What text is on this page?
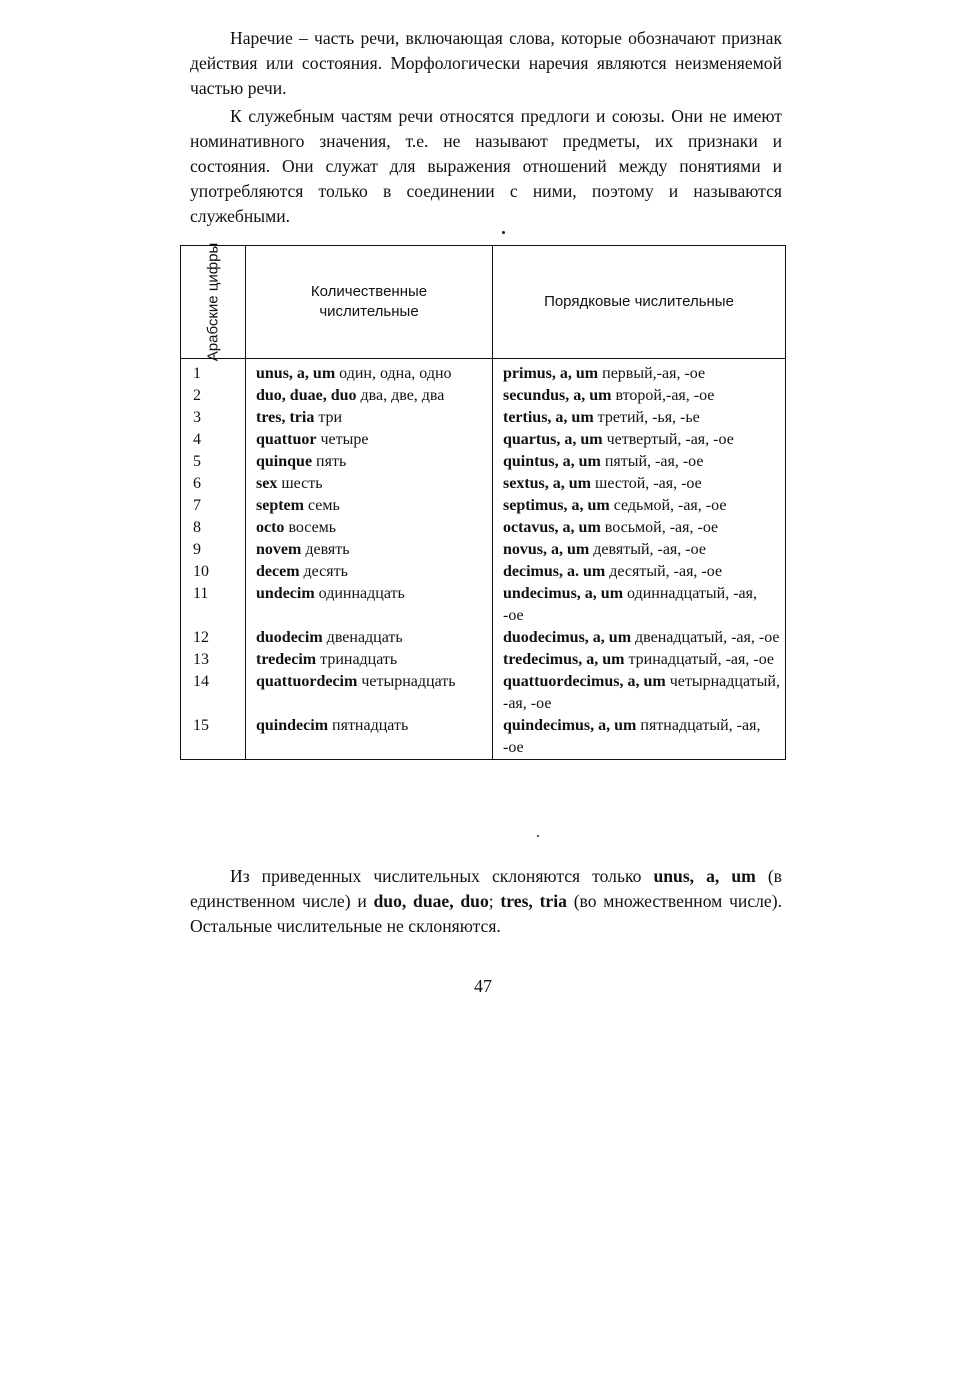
Наречие – часть речи, включающая слова, которые обозначают признак действия или состояния. Морфологически наречия являются неизменяемой частью речи.

К служебным частям речи относятся предлоги и союзы. Они не имеют номинативного значения, т.е. не называют предметы, их признаки и состояния. Они служат для выражения отношений между понятиями и употребляются только в соединении с ними, поэтому и называются служебными.

Арабские цифры	Количественные числительные	Порядковые числительные

1	unus, a, um один, одна, одно	primus, a, um первый,-ая, -ое
2	duo, duae, duo два, две, два	secundus, a, um второй,-ая, -ое
3	tres, tria три	tertius, a, um третий, -ья, -ье
4	quattuor четыре	quartus, a, um четвертый, -ая, -ое
5	quinque пять	quintus, a, um пятый, -ая, -ое
6	sex шесть	sextus, a, um шестой, -ая, -ое
7	septem семь	septimus, a, um седьмой, -ая, -ое
8	octo восемь	octavus, a, um восьмой, -ая, -ое
9	novem девять	novus, a, um девятый, -ая, -ое
10	decem десять	decimus, a. um десятый, -ая, -ое
11	undecim одиннадцать	undecimus, a, um одиннадцатый, -ая, -ое
12	duodecim двенадцать	duodecimus, a, um двенадцатый, -ая, -ое
13	tredecim тринадцать	tredecimus, a, um тринадцатый, -ая, -ое
14	quattuordecim четырнадцать	quattuordecimus, a, um четырнадцатый, -ая, -ое
15	quindecim пятнадцать	quindecimus, a, um пятнадцатый, -ая, -ое

Из приведенных числительных склоняются только unus, a, um (в единственном числе) и duo, duae, duo; tres, tria (во множественном числе). Остальные числительные не склоняются.

47
